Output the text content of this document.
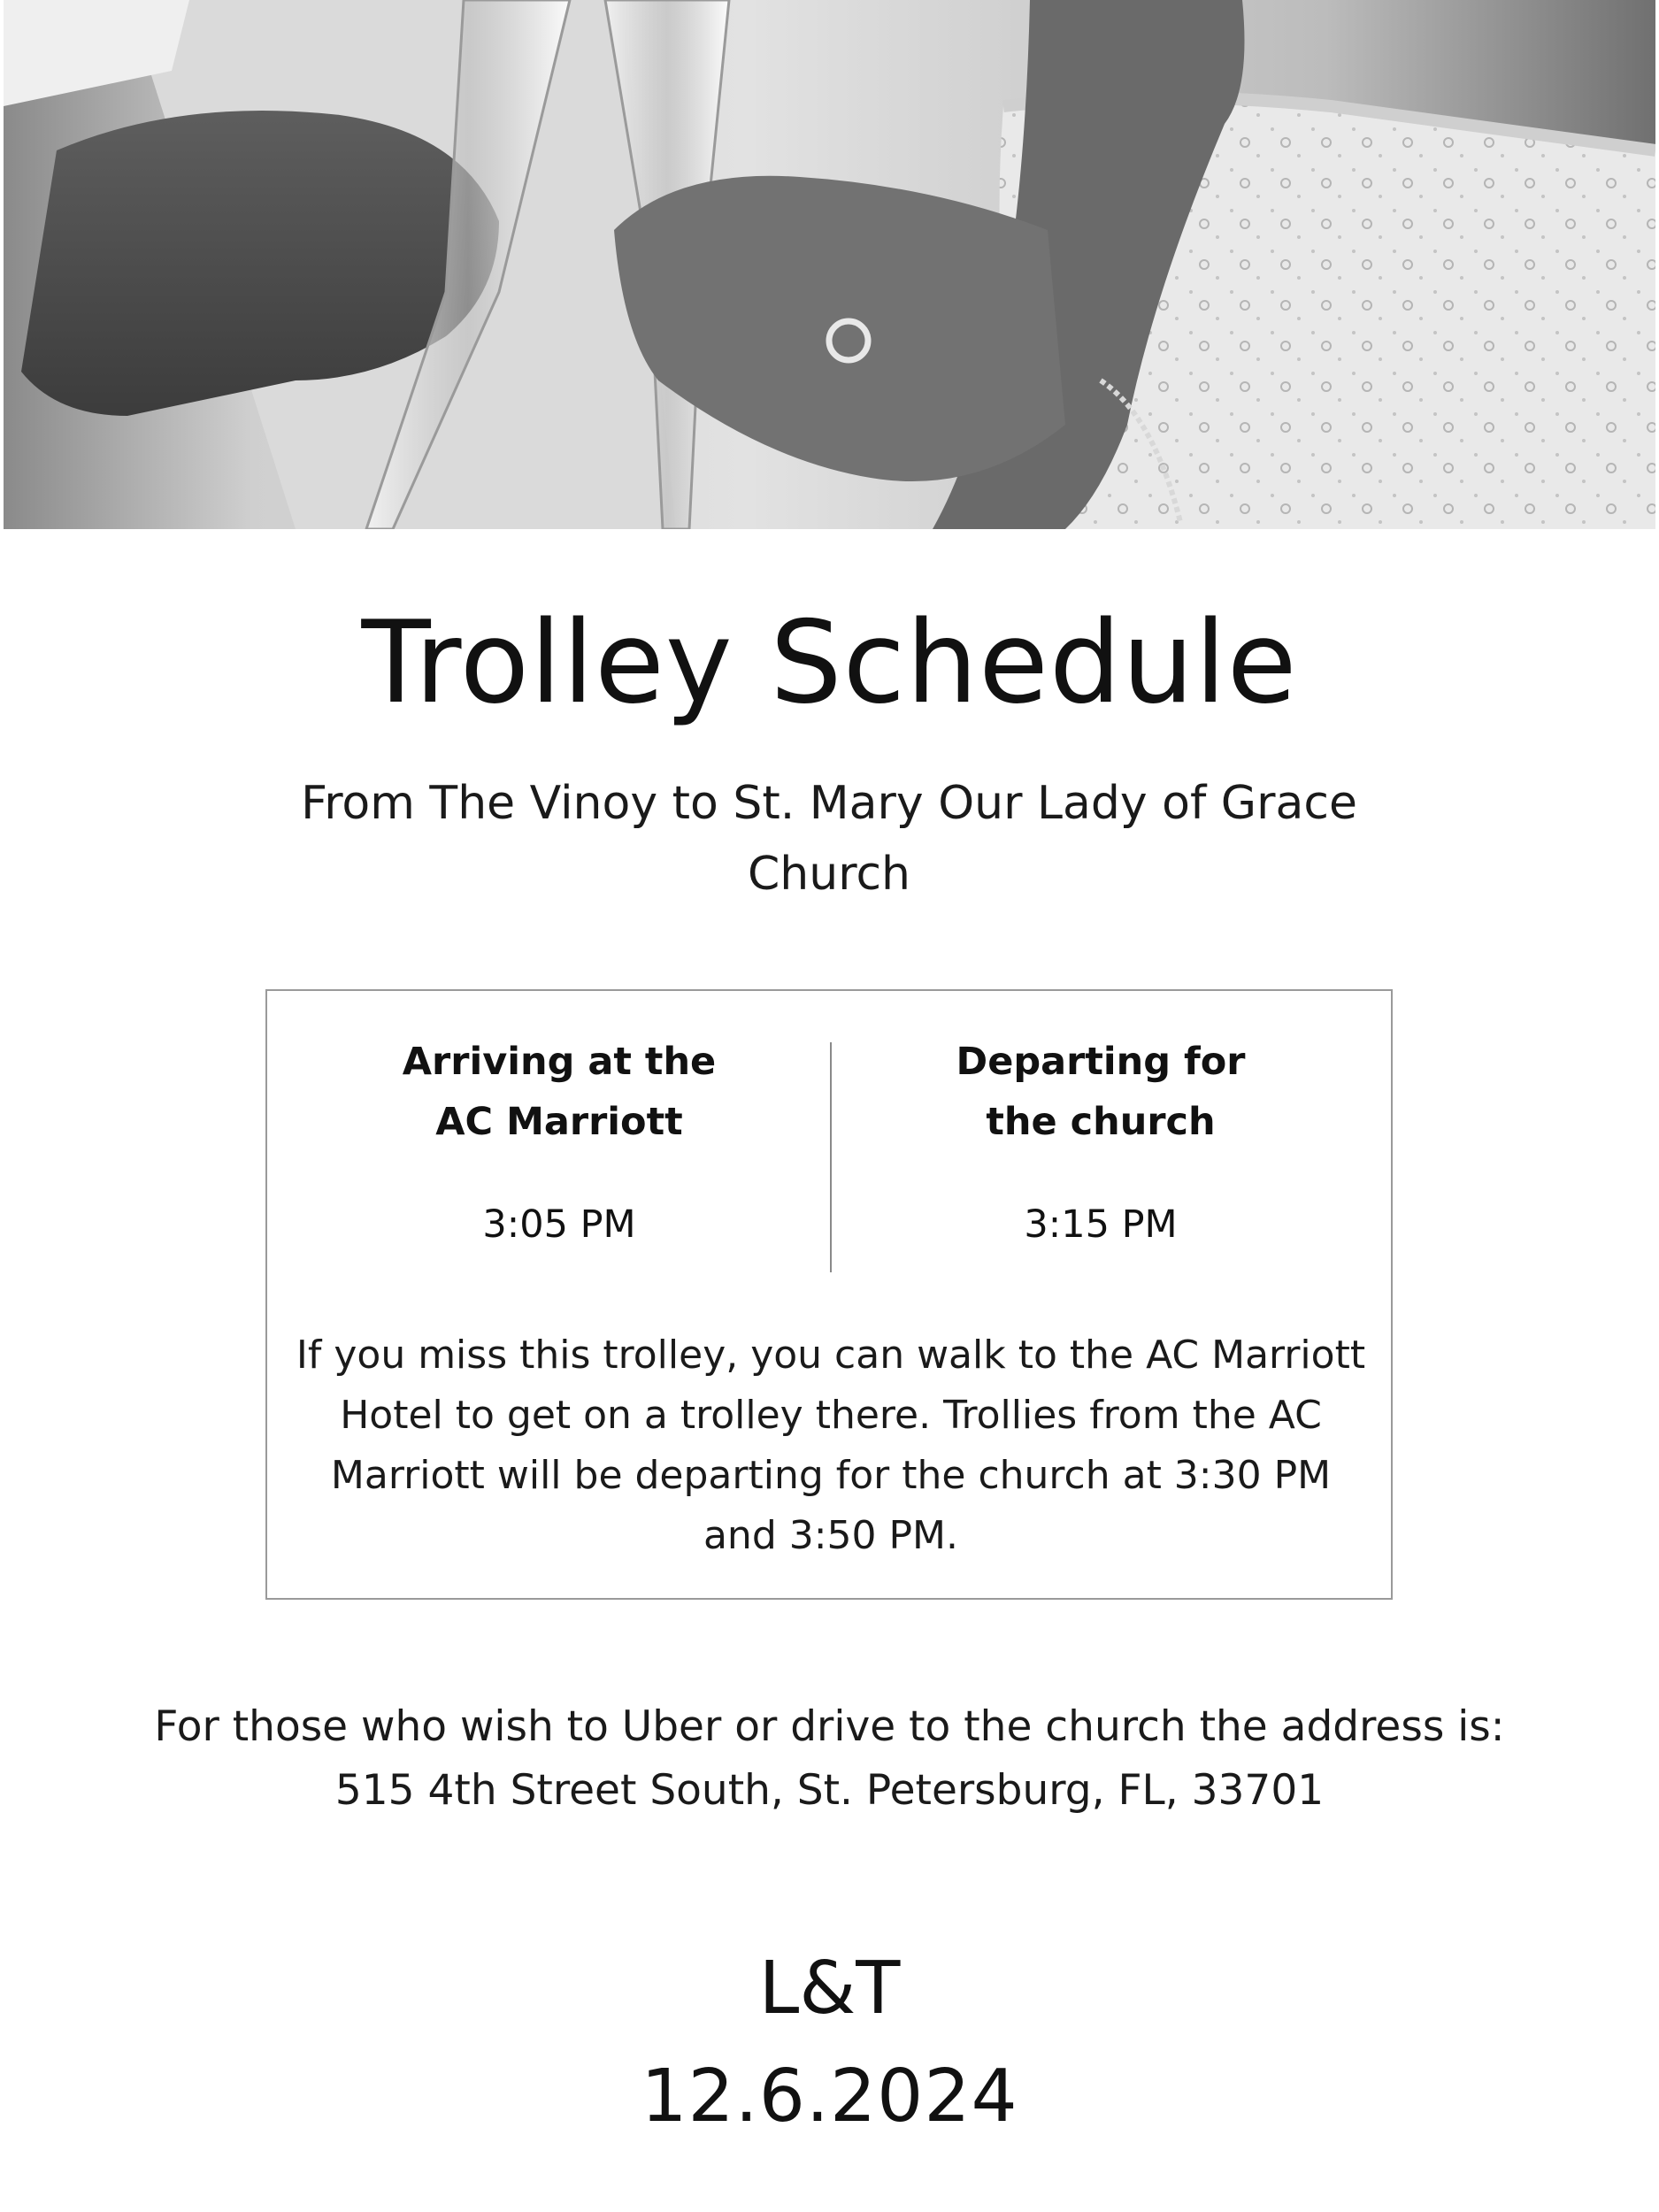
Trolley Schedule
From The Vinoy to St. Mary Our Lady of Grace Church
Arriving at the
AC Marriott
3:05 PM
Departing for
the church
3:15 PM
If you miss this trolley, you can walk to the AC Marriott Hotel to get on a trolley there. Trollies from the AC Marriott will be departing for the church at 3:30 PM and 3:50 PM.
For those who wish to Uber or drive to the church the address is:
515 4th Street South, St. Petersburg, FL, 33701
L&T
12.6.2024
